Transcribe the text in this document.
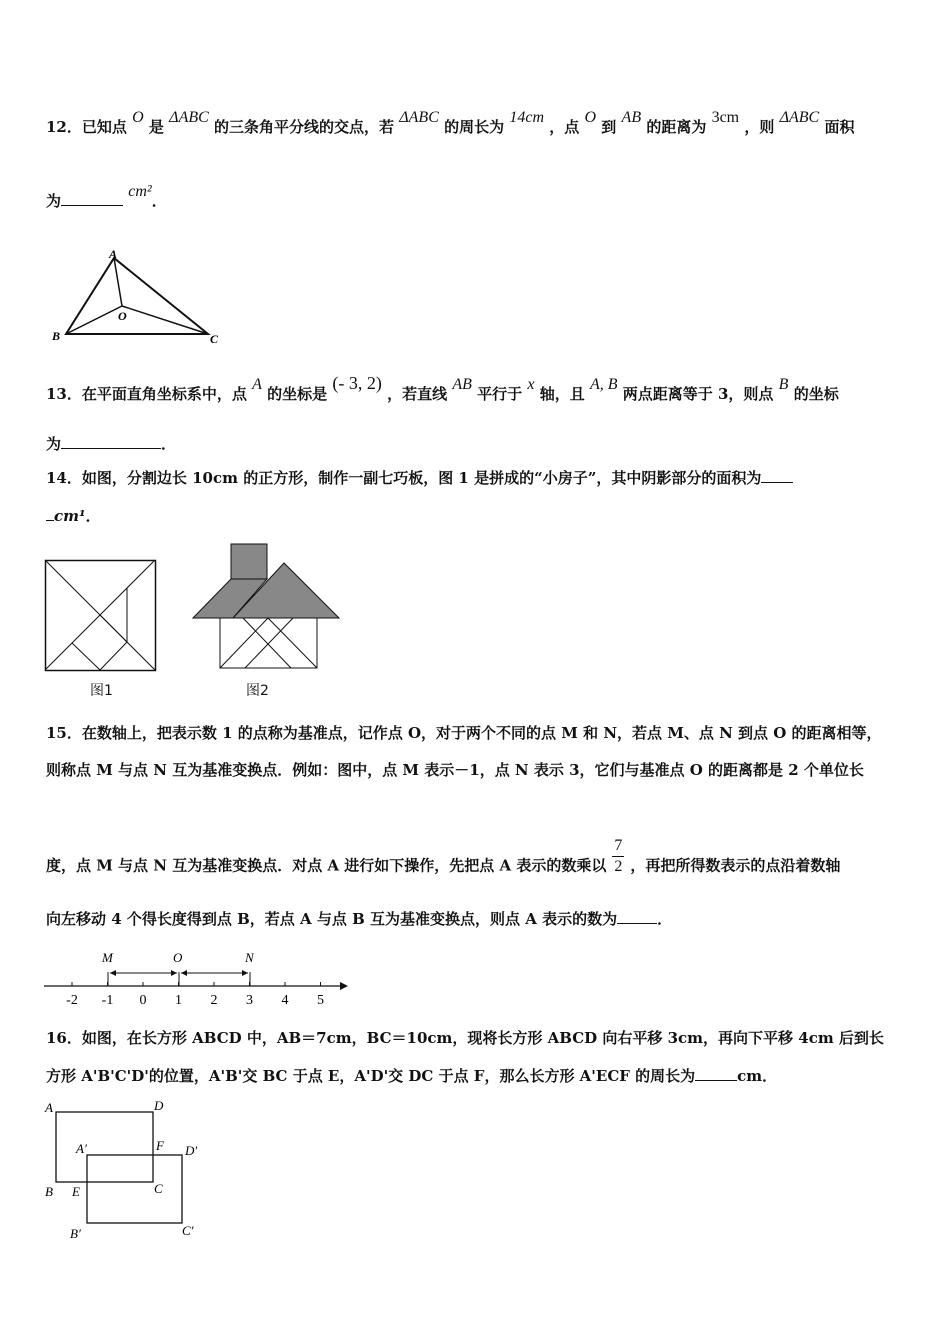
12．已知点 O 是 ΔABC 的三条角平分线的交点，若 ΔABC 的周长为 14cm ，点 O 到 AB 的距离为 3cm ，则 ΔABC 面积
为 cm²．
A
B	C
O
13．在平面直角坐标系中，点 A 的坐标是 (- 3, 2) ，若直线 AB 平行于 x 轴，且 A, B 两点距离等于 3，则点 B 的坐标
为	．
14．如图，分割边长 10cm 的正方形，制作一副七巧板，图 1 是拼成的“小房子”，其中阴影部分的面积为
cm¹．
图1	图2
15．在数轴上，把表示数 1 的点称为基准点，记作点 O，对于两个不同的点 M 和 N，若点 M、点 N 到点 O 的距离相等，
则称点 M 与点 N 互为基准变换点．例如：图中，点 M 表示－1，点 N 表示 3，它们与基准点 O 的距离都是 2 个单位长
度，点 M 与点 N 互为基准变换点．对点 A 进行如下操作，先把点 A 表示的数乘以 $\frac{7}{2}$ ，再把所得数表示的点沿着数轴
向左移动 4 个得长度得到点 B，若点 A 与点 B 互为基准变换点，则点 A 表示的数为	．
-2 -1 0 1 2 3 4 5
M	O	N
16．如图，在长方形 ABCD 中，AB＝7cm，BC＝10cm，现将长方形 ABCD 向右平移 3cm，再向下平移 4cm 后到长
方形 A'B'C'D'的位置，A'B'交 BC 于点 E，A'D'交 DC 于点 F，那么长方形 A'ECF 的周长为	cm．
A	D
A′	F D′
B E	C
B′	C′
